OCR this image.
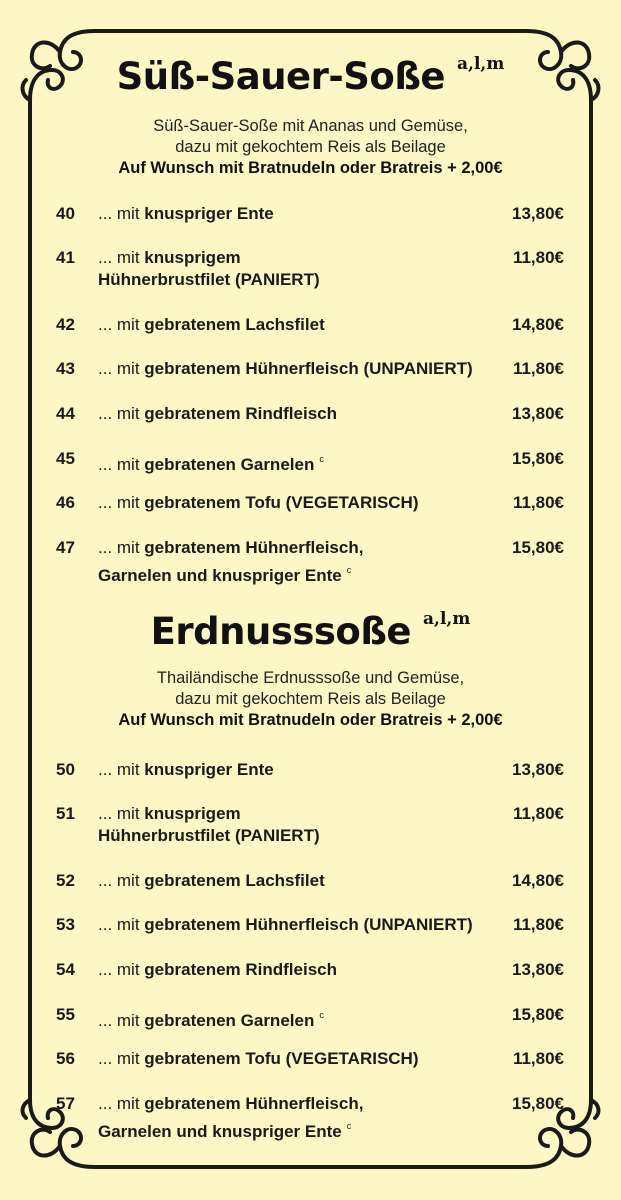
Süß-Sauer-Soße $^{a,l,m}$
Süß-Sauer-Soße mit Ananas und Gemüse,
dazu mit gekochtem Reis als Beilage
Auf Wunsch mit Bratnudeln oder Bratreis + 2,00€
40 ... mit knuspriger Ente	13,80€
41 ... mit knusprigem
Hühnerbrustfilet (PANIERT)
11,80€
42 ... mit gebratenem Lachsfilet	14,80€
43 ... mit gebratenem Hühnerfleisch (UNPANIERT)	11,80€
44 ... mit gebratenem Rindfleisch	13,80€
45 ... mit gebratenen Garnelen $^c$	15,80€
46 ... mit gebratenem Tofu (VEGETARISCH)	11,80€
47 ... mit gebratenem Hühnerfleisch,
Garnelen und knuspriger Ente $^c$
15,80€
Erdnusssoße $^{a,l,m}$
Thailändische Erdnusssoße und Gemüse,
dazu mit gekochtem Reis als Beilage
Auf Wunsch mit Bratnudeln oder Bratreis + 2,00€
50 ... mit knuspriger Ente	13,80€
51 ... mit knusprigem
Hühnerbrustfilet (PANIERT)
11,80€
52 ... mit gebratenem Lachsfilet	14,80€
53 ... mit gebratenem Hühnerfleisch (UNPANIERT)	11,80€
54 ... mit gebratenem Rindfleisch	13,80€
55 ... mit gebratenen Garnelen $^c$	15,80€
56 ... mit gebratenem Tofu (VEGETARISCH)	11,80€
57 ... mit gebratenem Hühnerfleisch,
Garnelen und knuspriger Ente $^c$
15,80€
